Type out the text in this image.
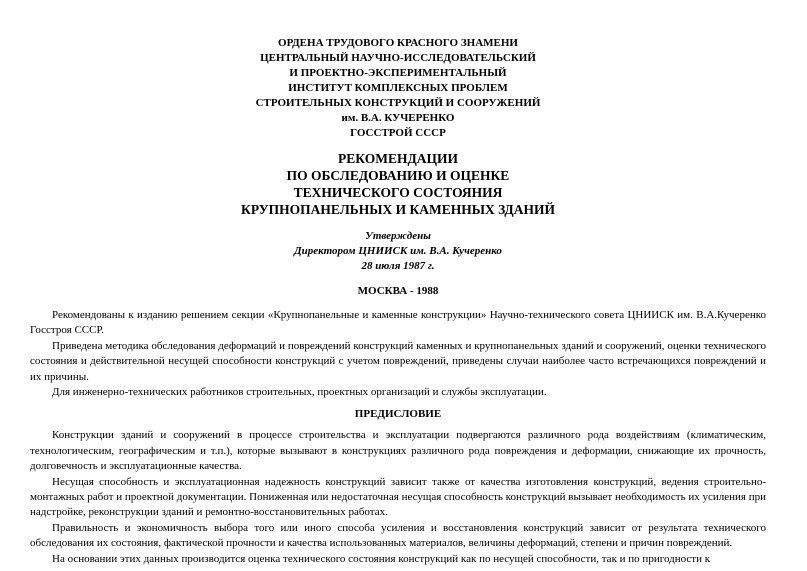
ОРДЕНА ТРУДОВОГО КРАСНОГО ЗНАМЕНИ
ЦЕНТРАЛЬНЫЙ НАУЧНО-ИССЛЕДОВАТЕЛЬСКИЙ
И ПРОЕКТНО-ЭКСПЕРИМЕНТАЛЬНЫЙ
ИНСТИТУТ КОМПЛЕКСНЫХ ПРОБЛЕМ
СТРОИТЕЛЬНЫХ КОНСТРУКЦИЙ И СООРУЖЕНИЙ
им. В.А. КУЧЕРЕНКО
ГОССТРОЙ СССР
РЕКОМЕНДАЦИИ
ПО ОБСЛЕДОВАНИЮ И ОЦЕНКЕ
ТЕХНИЧЕСКОГО СОСТОЯНИЯ
КРУПНОПАНЕЛЬНЫХ И КАМЕННЫХ ЗДАНИЙ
Утверждены
Директором ЦНИИСК им. В.А. Кучеренко
28 июля 1987 г.
МОСКВА - 1988

Рекомендованы к изданию решением секции «Крупнопанельные и каменные конструкции» Научно-технического совета ЦНИИСК им. В.А.Кучеренко Госстроя СССР.

Приведена методика обследования деформаций и повреждений конструкций каменных и крупнопанельных зданий и сооружений, оценки технического состояния и действительной несущей способности конструкций с учетом повреждений, приведены случаи наиболее часто встречающихся повреждений и их причины.

Для инженерно-технических работников строительных, проектных организаций и службы эксплуатации.

ПРЕДИСЛОВИЕ

Конструкции зданий и сооружений в процессе строительства и эксплуатации подвергаются различного рода воздействиям (климатическим, технологическим, географическим и т.п.), которые вызывают в конструкциях различного рода повреждения и деформации, снижающие их прочность, долговечность и эксплуатационные качества.

Несущая способность и эксплуатационная надежность конструкций зависит также от качества изготовления конструкций, ведения строительно-монтажных работ и проектной документации. Пониженная или недостаточная несущая способность конструкций вызывает необходимость их усиления при надстройке, реконструкции зданий и ремонтно-восстановительных работах.

Правильность и экономичность выбора того или иного способа усиления и восстановления конструкций зависит от результата технического обследования их состояния, фактической прочности и качества использованных материалов, величины деформаций, степени и причин повреждений.

На основании этих данных производится оценка технического состояния конструкций как по несущей способности, так и по пригодности к
